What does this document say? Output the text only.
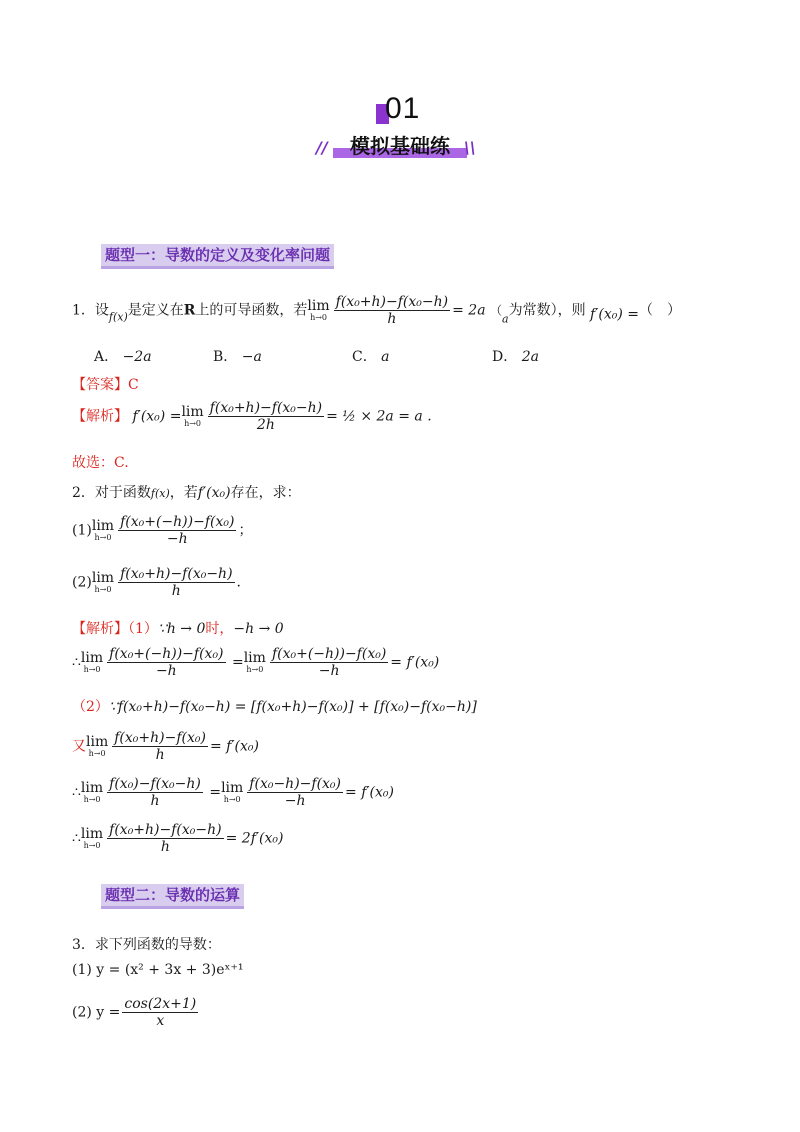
01
//	模拟基础练 \\
题型一：导数的定义及变化率问题
1．设$_{f(x)}$是定义在R上的可导函数，若 lim
$h\to 0 \frac{\text{f(x₀+h)−f(x₀−h)}}{h} = 2a$ （$_a$为常数），则 f′(x₀) =（　）
A． −2a	B． −a	C． a	D． 2a
【答案】C
【解析】 f′(x₀) = lim
$h\to 0 \frac{\text{f(x₀+h)−f(x₀−h)}}{2h}$ = ½ × 2a = a .
故选：C.
2．对于函数f(x)，若f′(x₀)存在，求：
(1) lim
$h\to 0 \frac{\text{f(x₀+(−h))−f(x₀)}}{-h}$ ；
(2) lim
$h\to 0 \frac{\text{f(x₀+h)−f(x₀−h)}}{h}$ .
【解析】（1）∵h → 0时，−h → 0
∴ lim
$h\to 0 \frac{\text{f(x₀+(−h))−f(x₀)}}{-h} = \lim$
$h\to 0 \frac{\text{f(x₀+(−h))−f(x₀)}}{-h} = f'(x_0)$
（2）∵f(x₀+h)−f(x₀−h) = [f(x₀+h)−f(x₀)] + [f(x₀)−f(x₀−h)]
又 lim
$h\to 0 \frac{\text{f(x₀+h)−f(x₀)}}{h} = f'(x_0)$
∴ lim
$h\to 0 \frac{\text{f(x₀)−f(x₀−h)}}{h} = \lim$
$h\to 0 \frac{\text{f(x₀−h)−f(x₀)}}{-h} = f'(x_0)$
∴ lim
$h\to 0 \frac{\text{f(x₀+h)−f(x₀−h)}}{h} = 2f'(x_0)$
题型二：导数的运算
3．求下列函数的导数：
(1) y = (x² + 3x + 3)eˣ⁺¹
(2) $y = \frac{\cos(2x+1)}{x}$
